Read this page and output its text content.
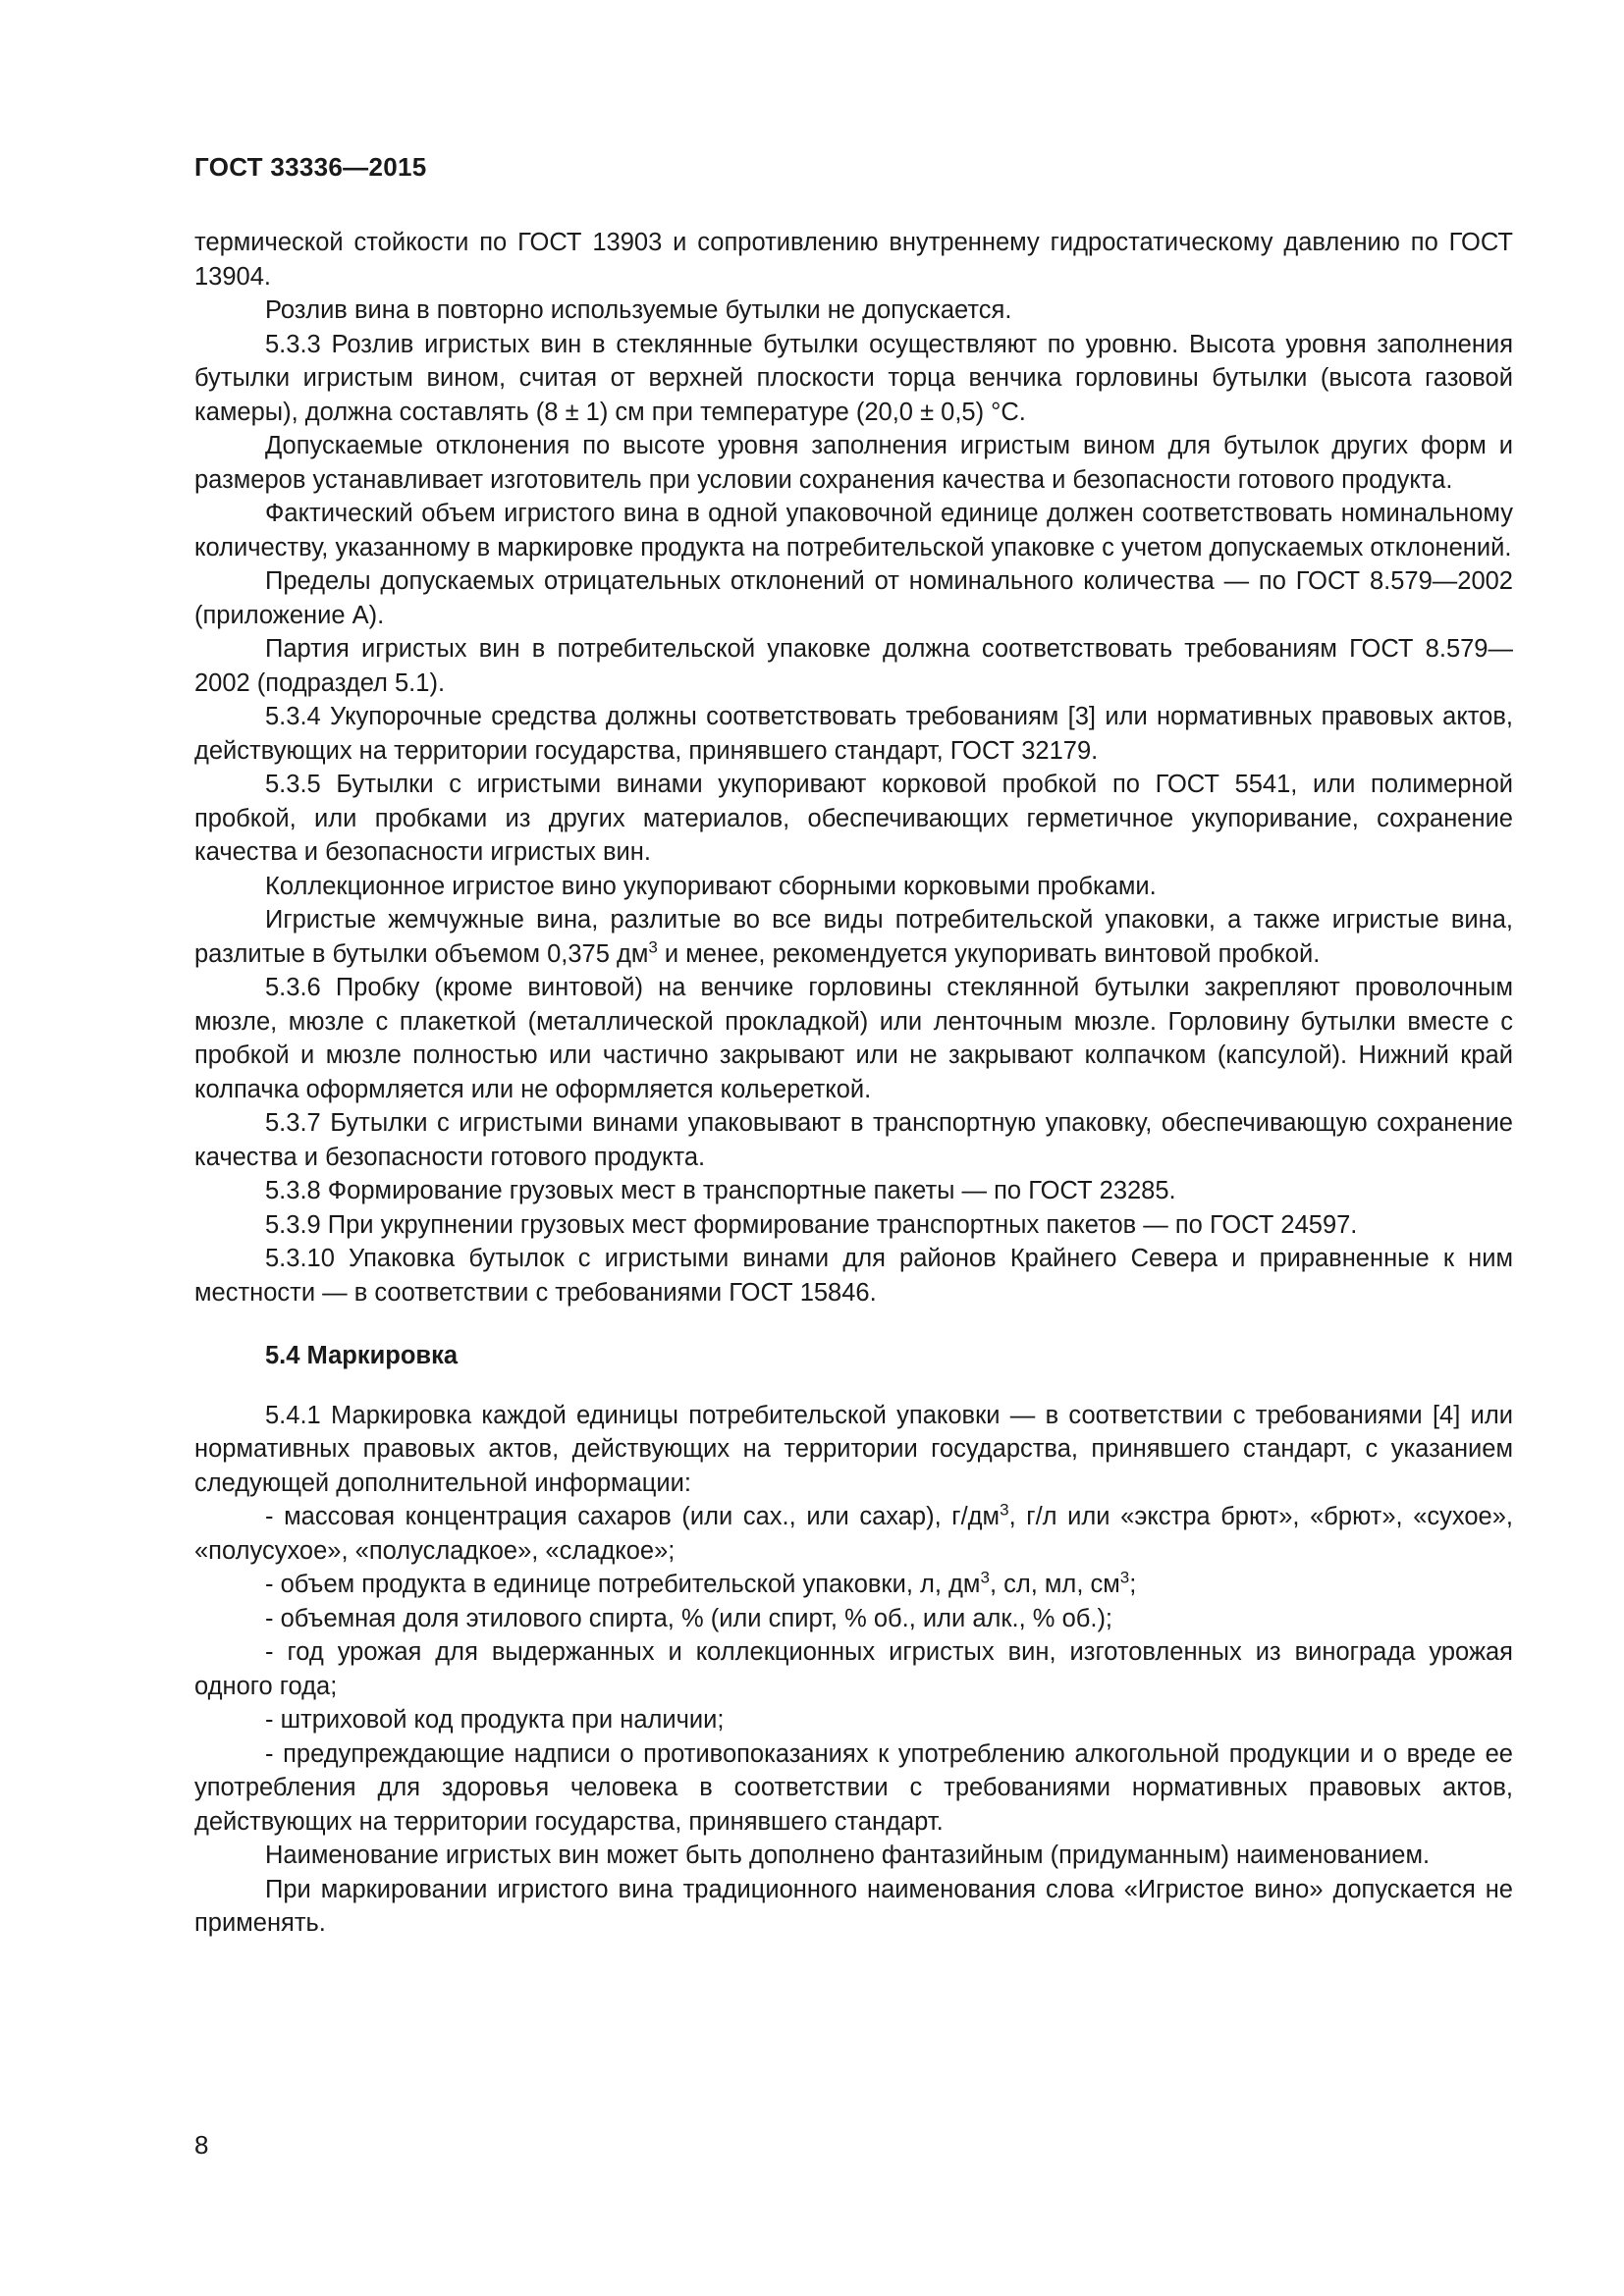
ГОСТ 33336—2015

термической стойкости по ГОСТ 13903 и сопротивлению внутреннему гидростатическому давлению по ГОСТ 13904.

Розлив вина в повторно используемые бутылки не допускается.

5.3.3 Розлив игристых вин в стеклянные бутылки осуществляют по уровню. Высота уровня заполнения бутылки игристым вином, считая от верхней плоскости торца венчика горловины бутылки (высота газовой камеры), должна составлять (8 ± 1) см при температуре (20,0 ± 0,5) °С.

Допускаемые отклонения по высоте уровня заполнения игристым вином для бутылок других форм и размеров устанавливает изготовитель при условии сохранения качества и безопасности готового продукта.

Фактический объем игристого вина в одной упаковочной единице должен соответствовать номинальному количеству, указанному в маркировке продукта на потребительской упаковке с учетом допускаемых отклонений.

Пределы допускаемых отрицательных отклонений от номинального количества — по ГОСТ 8.579—2002 (приложение А).

Партия игристых вин в потребительской упаковке должна соответствовать требованиям ГОСТ 8.579—2002 (подраздел 5.1).

5.3.4 Укупорочные средства должны соответствовать требованиям [3] или нормативных правовых актов, действующих на территории государства, принявшего стандарт, ГОСТ 32179.

5.3.5 Бутылки с игристыми винами укупоривают корковой пробкой по ГОСТ 5541, или полимерной пробкой, или пробками из других материалов, обеспечивающих герметичное укупоривание, сохранение качества и безопасности игристых вин.

Коллекционное игристое вино укупоривают сборными корковыми пробками.

Игристые жемчужные вина, разлитые во все виды потребительской упаковки, а также игристые вина, разлитые в бутылки объемом 0,375 $дм^3$ и менее, рекомендуется укупоривать винтовой пробкой.

5.3.6 Пробку (кроме винтовой) на венчике горловины стеклянной бутылки закрепляют проволочным мюзле, мюзле с плакеткой (металлической прокладкой) или ленточным мюзле. Горловину бутылки вместе с пробкой и мюзле полностью или частично закрывают или не закрывают колпачком (капсулой). Нижний край колпачка оформляется или не оформляется кольереткой.

5.3.7 Бутылки с игристыми винами упаковывают в транспортную упаковку, обеспечивающую сохранение качества и безопасности готового продукта.

5.3.8 Формирование грузовых мест в транспортные пакеты — по ГОСТ 23285.

5.3.9 При укрупнении грузовых мест формирование транспортных пакетов — по ГОСТ 24597.

5.3.10 Упаковка бутылок с игристыми винами для районов Крайнего Севера и приравненные к ним местности — в соответствии с требованиями ГОСТ 15846.

5.4 Маркировка

5.4.1 Маркировка каждой единицы потребительской упаковки — в соответствии с требованиями [4] или нормативных правовых актов, действующих на территории государства, принявшего стандарт, с указанием следующей дополнительной информации:

- массовая концентрация сахаров (или сах., или сахар), $г/дм^3$, г/л или «экстра брют», «брют», «сухое», «полусухое», «полусладкое», «сладкое»;

- объем продукта в единице потребительской упаковки, л, $дм^3$, сл, мл, $см^3$;

- объемная доля этилового спирта, % (или спирт, % об., или алк., % об.);

- год урожая для выдержанных и коллекционных игристых вин, изготовленных из винограда урожая одного года;

- штриховой код продукта при наличии;

- предупреждающие надписи о противопоказаниях к употреблению алкогольной продукции и о вреде ее употребления для здоровья человека в соответствии с требованиями нормативных правовых актов, действующих на территории государства, принявшего стандарт.

Наименование игристых вин может быть дополнено фантазийным (придуманным) наименованием.

При маркировании игристого вина традиционного наименования слова «Игристое вино» допускается не применять.

8
